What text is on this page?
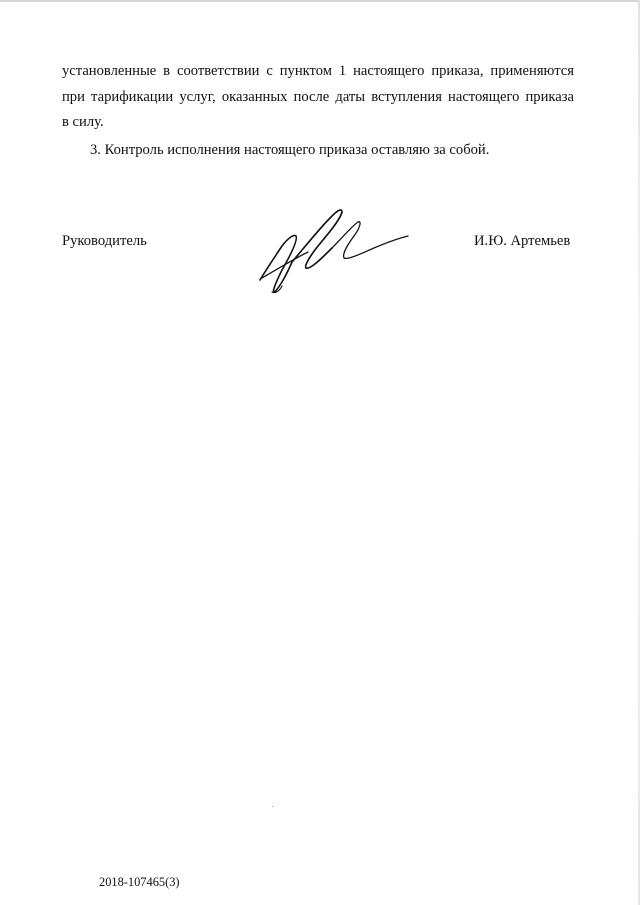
установленные в соответствии с пунктом 1 настоящего приказа, применяются
при тарификации услуг, оказанных после даты вступления настоящего приказа
в силу.

3. Контроль исполнения настоящего приказа оставляю за собой.

Руководитель	И.Ю. Артемьев
2018-107465(3)
